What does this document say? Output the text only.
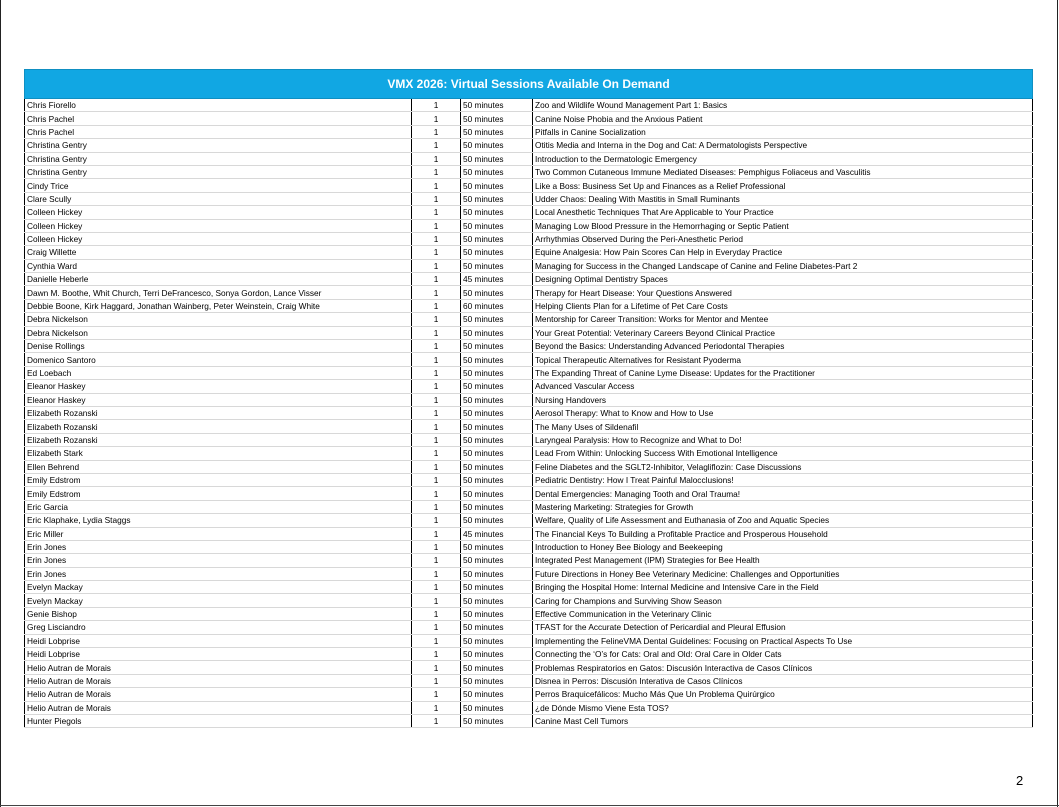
VMX 2026: Virtual Sessions Available On Demand
Chris Fiorello	1	50 minutes	Zoo and Wildlife Wound Management Part 1: Basics
Chris Pachel	1	50 minutes	Canine Noise Phobia and the Anxious Patient
Chris Pachel	1	50 minutes	Pitfalls in Canine Socialization
Christina Gentry	1	50 minutes	Otitis Media and Interna in the Dog and Cat: A Dermatologists Perspective
Christina Gentry	1	50 minutes	Introduction to the Dermatologic Emergency
Christina Gentry	1	50 minutes	Two Common Cutaneous Immune Mediated Diseases: Pemphigus Foliaceus and Vasculitis
Cindy Trice	1	50 minutes	Like a Boss: Business Set Up and Finances as a Relief Professional
Clare Scully	1	50 minutes	Udder Chaos: Dealing With Mastitis in Small Ruminants
Colleen Hickey	1	50 minutes	Local Anesthetic Techniques That Are Applicable to Your Practice
Colleen Hickey	1	50 minutes	Managing Low Blood Pressure in the Hemorrhaging or Septic Patient
Colleen Hickey	1	50 minutes	Arrhythmias Observed During the Peri-Anesthetic Period
Craig Willette	1	50 minutes	Equine Analgesia: How Pain Scores Can Help in Everyday Practice
Cynthia Ward	1	50 minutes	Managing for Success in the Changed Landscape of Canine and Feline Diabetes-Part 2
Danielle Heberle	1	45 minutes	Designing Optimal Dentistry Spaces
Dawn M. Boothe, Whit Church, Terri DeFrancesco, Sonya Gordon, Lance Visser	1	50 minutes	Therapy for Heart Disease: Your Questions Answered
Debbie Boone, Kirk Haggard, Jonathan Wainberg, Peter Weinstein, Craig White	1	60 minutes	Helping Clients Plan for a Lifetime of Pet Care Costs
Debra Nickelson	1	50 minutes	Mentorship for Career Transition: Works for Mentor and Mentee
Debra Nickelson	1	50 minutes	Your Great Potential: Veterinary Careers Beyond Clinical Practice
Denise Rollings	1	50 minutes	Beyond the Basics: Understanding Advanced Periodontal Therapies
Domenico Santoro	1	50 minutes	Topical Therapeutic Alternatives for Resistant Pyoderma
Ed Loebach	1	50 minutes	The Expanding Threat of Canine Lyme Disease: Updates for the Practitioner
Eleanor Haskey	1	50 minutes	Advanced Vascular Access
Eleanor Haskey	1	50 minutes	Nursing Handovers
Elizabeth Rozanski	1	50 minutes	Aerosol Therapy: What to Know and How to Use
Elizabeth Rozanski	1	50 minutes	The Many Uses of Sildenafil
Elizabeth Rozanski	1	50 minutes	Laryngeal Paralysis: How to Recognize and What to Do!
Elizabeth Stark	1	50 minutes	Lead From Within: Unlocking Success With Emotional Intelligence
Ellen Behrend	1	50 minutes	Feline Diabetes and the SGLT2-Inhibitor, Velagliflozin: Case Discussions
Emily Edstrom	1	50 minutes	Pediatric Dentistry: How I Treat Painful Malocclusions!
Emily Edstrom	1	50 minutes	Dental Emergencies: Managing Tooth and Oral Trauma!
Eric Garcia	1	50 minutes	Mastering Marketing: Strategies for Growth
Eric Klaphake, Lydia Staggs	1	50 minutes	Welfare, Quality of Life Assessment and Euthanasia of Zoo and Aquatic Species
Eric Miller	1	45 minutes	The Financial Keys To Building a Profitable Practice and Prosperous Household
Erin Jones	1	50 minutes	Introduction to Honey Bee Biology and Beekeeping
Erin Jones	1	50 minutes	Integrated Pest Management (IPM) Strategies for Bee Health
Erin Jones	1	50 minutes	Future Directions in Honey Bee Veterinary Medicine: Challenges and Opportunities
Evelyn Mackay	1	50 minutes	Bringing the Hospital Home: Internal Medicine and Intensive Care in the Field
Evelyn Mackay	1	50 minutes	Caring for Champions and Surviving Show Season
Genie Bishop	1	50 minutes	Effective Communication in the Veterinary Clinic
Greg Lisciandro	1	50 minutes	TFAST for the Accurate Detection of Pericardial and Pleural Effusion
Heidi Lobprise	1	50 minutes	Implementing the FelineVMA Dental Guidelines: Focusing on Practical Aspects To Use
Heidi Lobprise	1	50 minutes	Connecting the ‘O’s for Cats: Oral and Old: Oral Care in Older Cats
Helio Autran de Morais	1	50 minutes	Problemas Respiratorios en Gatos: Discusión Interactiva de Casos Clínicos
Helio Autran de Morais	1	50 minutes	Disnea in Perros: Discusión Interativa de Casos Clínicos
Helio Autran de Morais	1	50 minutes	Perros Braquicefálicos: Mucho Más Que Un Problema Quirúrgico
Helio Autran de Morais	1	50 minutes	¿de Dónde Mismo Viene Esta TOS?
Hunter Piegols	1	50 minutes	Canine Mast Cell Tumors
2
